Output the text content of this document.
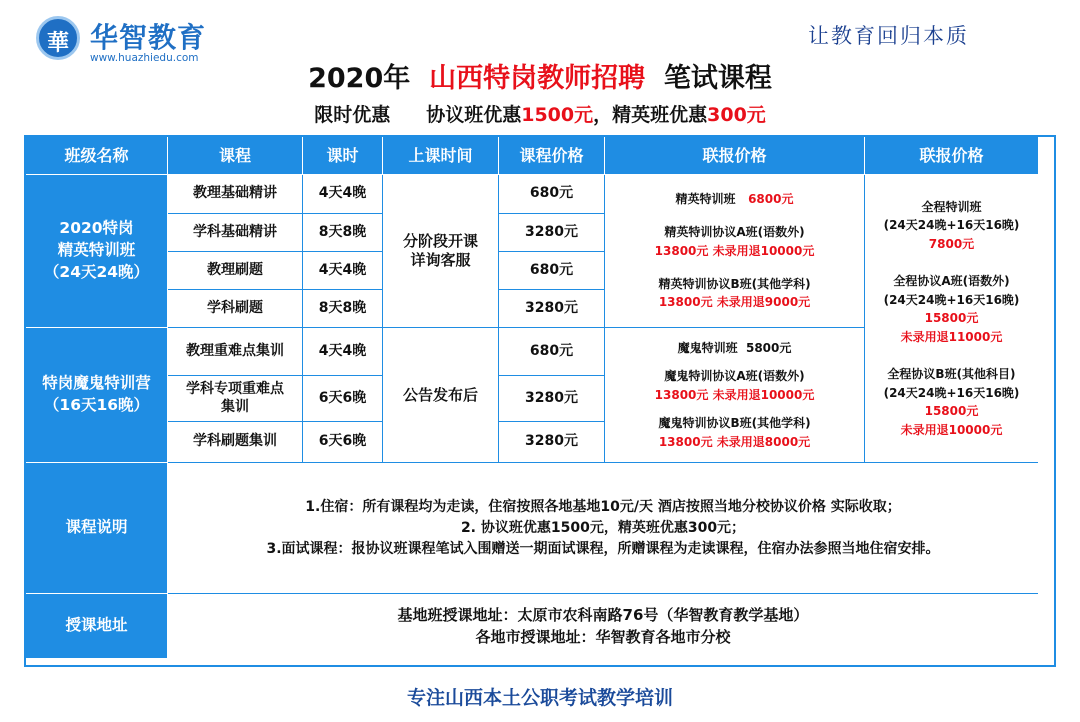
華 华智教育
www.huazhiedu.com
让教育回归本质
2020年 山西特岗教师招聘 笔试课程
限时优惠 协议班优惠1500元，精英班优惠300元
班级名称	课程	课时	上课时间	课程价格	联报价格	联报价格
2020特岗
精英特训班
（24天24晚）
教理基础精讲	4天4晚	680元
学科基础精讲	8天8晚	3280元
教理刷题	4天4晚	680元
学科刷题	8天8晚	3280元
分阶段开课
详询客服
精英特训班 6800元
精英特训协议A班(语数外)
13800元 未录用退10000元
精英特训协议B班(其他学科)
13800元 未录用退9000元
特岗魔鬼特训营
（16天16晚）
教理重难点集训	4天4晚	680元
学科专项重难点
集训
6天6晚	3280元
学科刷题集训	6天6晚	3280元
公告发布后
魔鬼特训班 5800元
魔鬼特训协议A班(语数外)
13800元 未录用退10000元
魔鬼特训协议B班(其他学科)
13800元 未录用退8000元
全程特训班
(24天24晚+16天16晚)
7800元
全程协议A班(语数外)
(24天24晚+16天16晚)
15800元
未录用退11000元
全程协议B班(其他科目)
(24天24晚+16天16晚)
15800元
未录用退10000元
课程说明
1.住宿：所有课程均为走读，住宿按照各地基地10元/天 酒店按照当地分校协议价格 实际收取；
2. 协议班优惠1500元，精英班优惠300元；
3.面试课程：报协议班课程笔试入围赠送一期面试课程，所赠课程为走读课程，住宿办法参照当地住宿安排。
授课地址
基地班授课地址：太原市农科南路76号（华智教育教学基地）
各地市授课地址：华智教育各地市分校
专注山西本土公职考试教学培训
